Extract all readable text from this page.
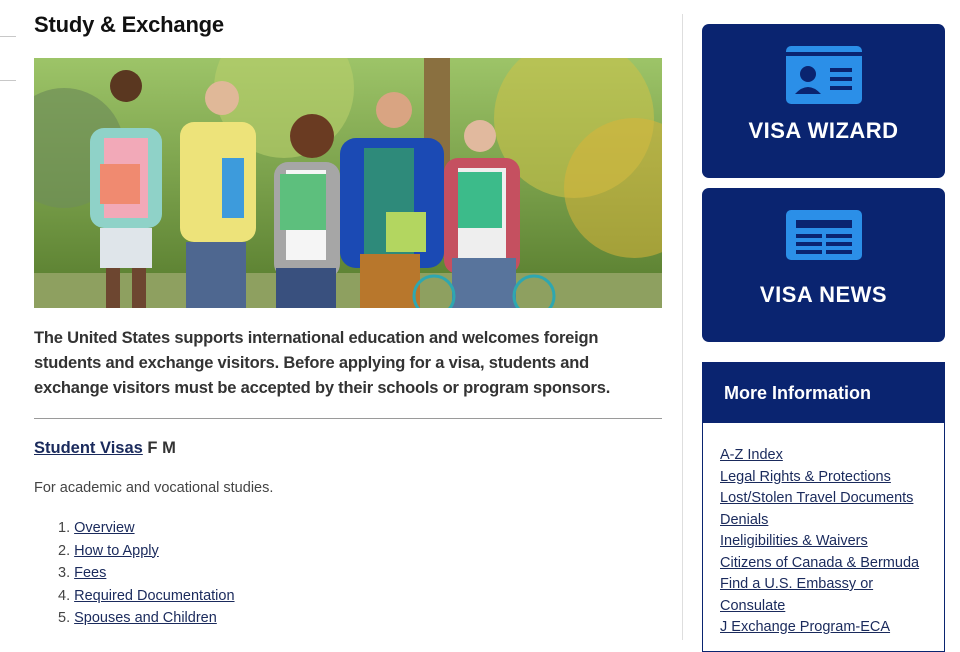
Study & Exchange
The United States supports international education and welcomes foreign students and exchange visitors. Before applying for a visa, students and exchange visitors must be accepted by their schools or program sponsors.
Student Visas F M
For academic and vocational studies.
1. Overview
2. How to Apply
3. Fees
4. Required Documentation
5. Spouses and Children
VISA WIZARD
VISA NEWS
More Information
A-Z Index
Legal Rights & Protections
Lost/Stolen Travel Documents
Denials
Ineligibilities & Waivers
Citizens of Canada & Bermuda
Find a U.S. Embassy or
Consulate
J Exchange Program-ECA
